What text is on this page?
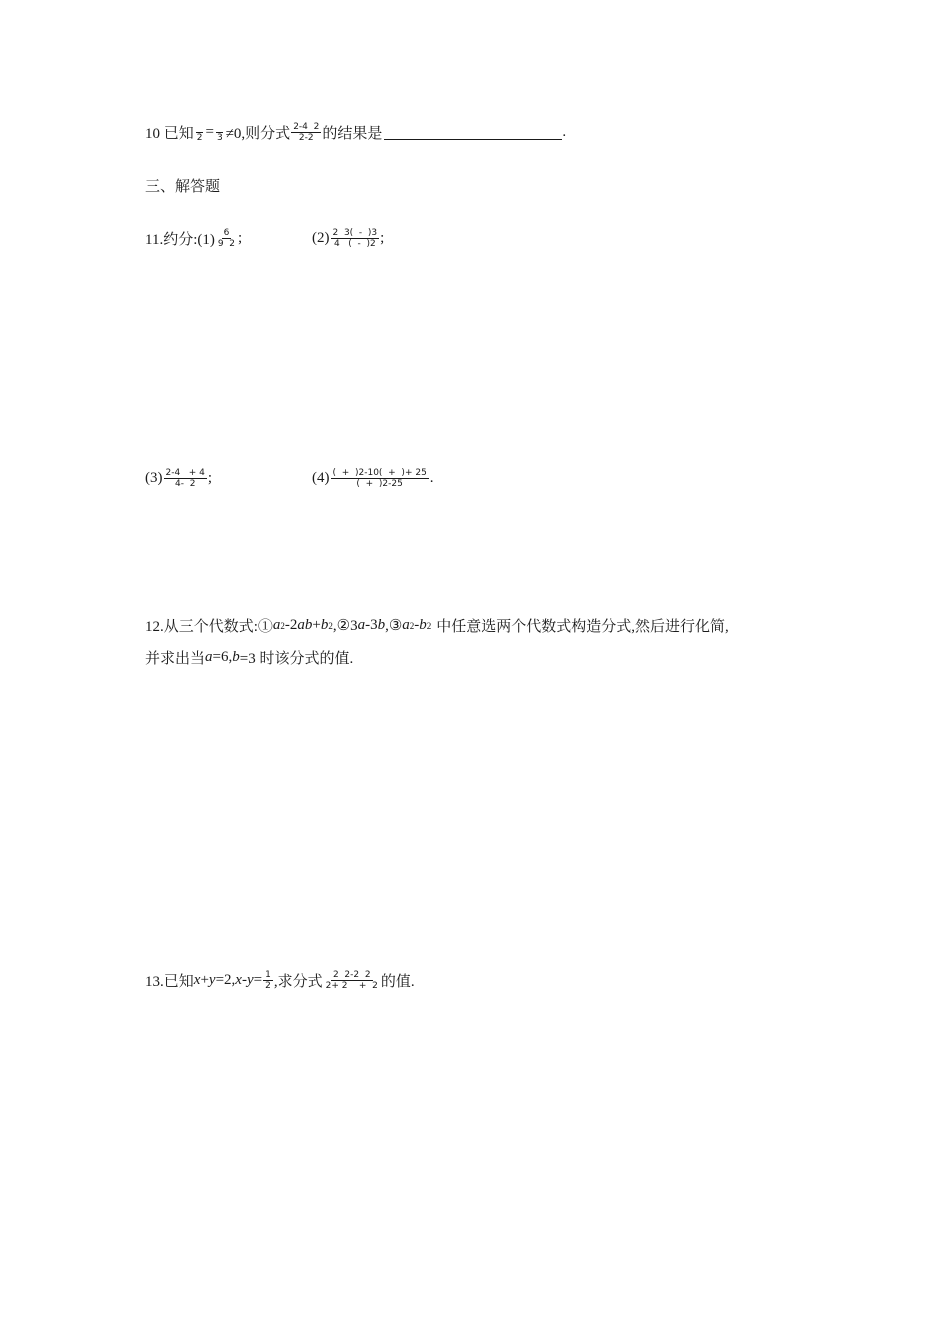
10 已知
2 =
3 ≠0,则分式 $\frac{2-4 2}{2-2}$ 的结果是	.
三、解答题
11.约分:(1) $\frac{6}{9 2}$ ;	$(2) \frac{2 3( - )3}{4 ( - )2}$ ;
$(3) \frac{2-4 + 4}{4- 2}$ ;	$(4) \frac{( + )2-10( + )+ 25}{( + )2-25}$ .
12.从三个代数式:① a 2 -2 ab + b 2 ,②3 a -3 b ,③ a 2 - b 2 中任意选两个代数式构造分式,然后进行化简,
并求出当 a =6, b =3 时该分式的值.
13.已知 x + y =2, $x - y = \frac{1}{2}$ ,求分式 $\frac{2 2-2 2}{2+ 2 + 2}$ 的值.
